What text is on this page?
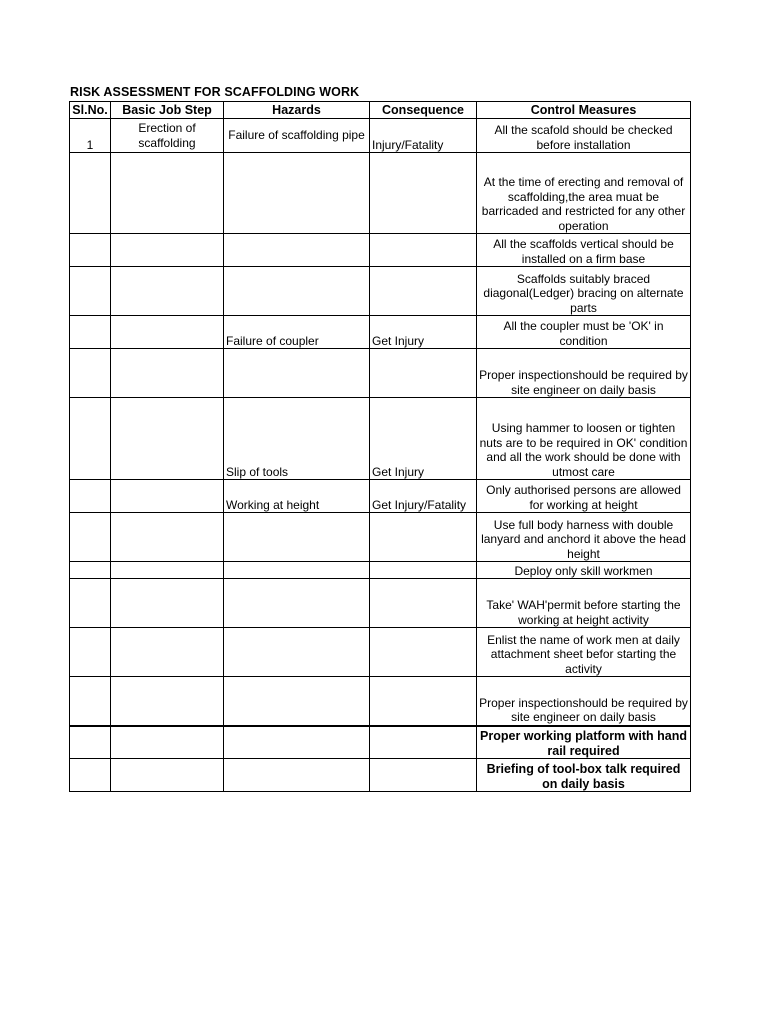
RISK ASSESSMENT FOR SCAFFOLDING WORK
Sl.No.	Basic Job Step	Hazards	Consequence	Control Measures
1	Erection of scaffolding	Failure of scaffolding pipe	Injury/Fatality	All the scafold should be checked before installation
				At the time of erecting and removal of scaffolding,the area muat be barricaded and restricted for any other operation
				All the scaffolds vertical should be installed on a firm base
				Scaffolds suitably braced diagonal(Ledger) bracing on alternate parts
		Failure of coupler	Get Injury	All the coupler must be 'OK' in condition
				Proper inspectionshould be required by site engineer on daily basis
		Slip of tools	Get Injury	Using hammer to loosen or tighten nuts are to be required in OK' condition and all the work should be done with utmost care
		Working at height	Get Injury/Fatality	Only authorised persons are allowed for working at height
				Use full body harness with double lanyard and anchord it above the head height
				Deploy only skill workmen
				Take' WAH'permit before starting the working at height activity
				Enlist the name of work men at daily attachment sheet befor starting the activity
				Proper inspectionshould be required by site engineer on daily basis
				Proper working platform with hand rail required
				Briefing of tool-box talk required on daily basis
